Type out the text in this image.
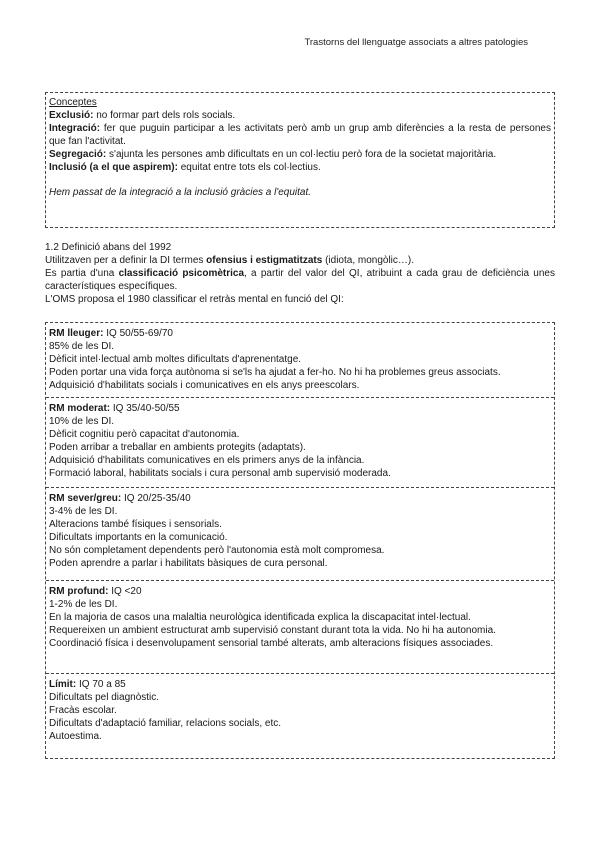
Trastorns del llenguatge associats a altres patologies

Conceptes

Exclusió: no formar part dels rols socials.

Integració: fer que puguin participar a les activitats però amb un grup amb diferències a la resta de persones que fan l'activitat.

Segregació: s'ajunta les persones amb dificultats en un col·lectiu però fora de la societat majoritària.

Inclusió (a el que aspirem): equitat entre tots els col·lectius.

Hem passat de la integració a la inclusió gràcies a l'equitat.

1.2 Definició abans del 1992

Utilitzaven per a definir la DI termes ofensius i estigmatitzats (idiota, mongòlic…).

Es partia d'una classificació psicomètrica, a partir del valor del QI, atribuint a cada grau de deficiència unes característiques específiques.

L'OMS proposa el 1980 classificar el retràs mental en funció del QI:

RM lleuger: IQ 50/55-69/70

85% de les DI.

Dèficit intel·lectual amb moltes dificultats d'aprenentatge.

Poden portar una vida força autònoma si se'ls ha ajudat a fer-ho. No hi ha problemes greus associats.

Adquisició d'habilitats socials i comunicatives en els anys preescolars.

RM moderat: IQ 35/40-50/55

10% de les DI.

Dèficit cognitiu però capacitat d'autonomia.

Poden arribar a treballar en ambients protegits (adaptats).

Adquisició d'habilitats comunicatives en els primers anys de la infància.

Formació laboral, habilitats socials i cura personal amb supervisió moderada.

RM sever/greu: IQ 20/25-35/40

3-4% de les DI.

Alteracions també físiques i sensorials.

Dificultats importants en la comunicació.

No són completament dependents però l'autonomia està molt compromesa.

Poden aprendre a parlar i habilitats bàsiques de cura personal.

RM profund: IQ <20

1-2% de les DI.

En la majoria de casos una malaltia neurològica identificada explica la discapacitat intel·lectual.

Requereixen un ambient estructurat amb supervisió constant durant tota la vida. No hi ha autonomia.

Coordinació física i desenvolupament sensorial també alterats, amb alteracions físiques associades.

Límit: IQ 70 a 85

Dificultats pel diagnòstic.

Fracàs escolar.

Dificultats d'adaptació familiar, relacions socials, etc.

Autoestima.
